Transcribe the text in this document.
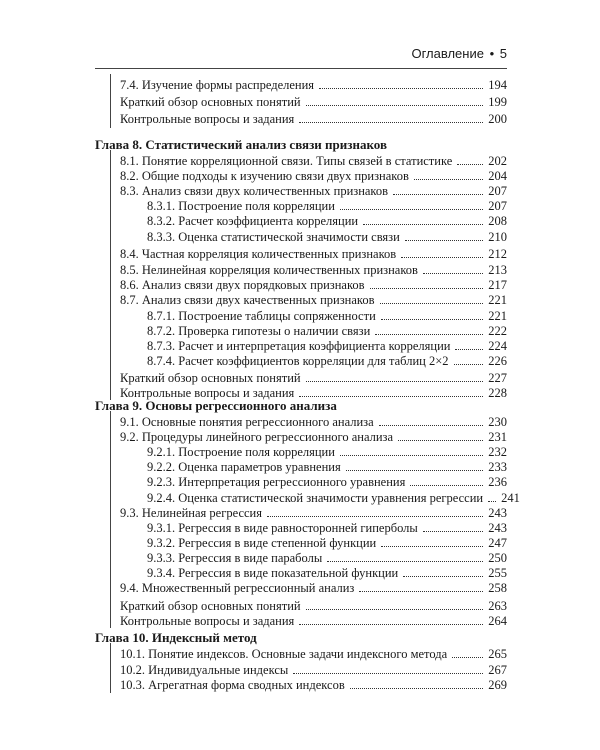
Оглавление • 5
7.4. Изучение формы распределения	194
Краткий обзор основных понятий	199
Контрольные вопросы и задания	200
Глава 8. Статистический анализ связи признаков
8.1. Понятие корреляционной связи. Типы связей в статистике	202
8.2. Общие подходы к изучению связи двух признаков	204
8.3. Анализ связи двух количественных признаков	207
8.3.1. Построение поля корреляции	207
8.3.2. Расчет коэффициента корреляции	208
8.3.3. Оценка статистической значимости связи	210
8.4. Частная корреляция количественных признаков	212
8.5. Нелинейная корреляция количественных признаков	213
8.6. Анализ связи двух порядковых признаков	217
8.7. Анализ связи двух качественных признаков	221
8.7.1. Построение таблицы сопряженности	221
8.7.2. Проверка гипотезы о наличии связи	222
8.7.3. Расчет и интерпретация коэффициента корреляции	224
8.7.4. Расчет коэффициентов корреляции для таблиц 2×2	226
Краткий обзор основных понятий	227
Контрольные вопросы и задания	228
Глава 9. Основы регрессионного анализа
9.1. Основные понятия регрессионного анализа	230
9.2. Процедуры линейного регрессионного анализа	231
9.2.1. Построение поля корреляции	232
9.2.2. Оценка параметров уравнения	233
9.2.3. Интерпретация регрессионного уравнения	236
9.2.4. Оценка статистической значимости уравнения регрессии 241
9.3. Нелинейная регрессия	243
9.3.1. Регрессия в виде равносторонней гиперболы	243
9.3.2. Регрессия в виде степенной функции	247
9.3.3. Регрессия в виде параболы	250
9.3.4. Регрессия в виде показательной функции	255
9.4. Множественный регрессионный анализ	258
Краткий обзор основных понятий	263
Контрольные вопросы и задания	264
Глава 10. Индексный метод
10.1. Понятие индексов. Основные задачи индексного метода	265
10.2. Индивидуальные индексы	267
10.3. Агрегатная форма сводных индексов	269
